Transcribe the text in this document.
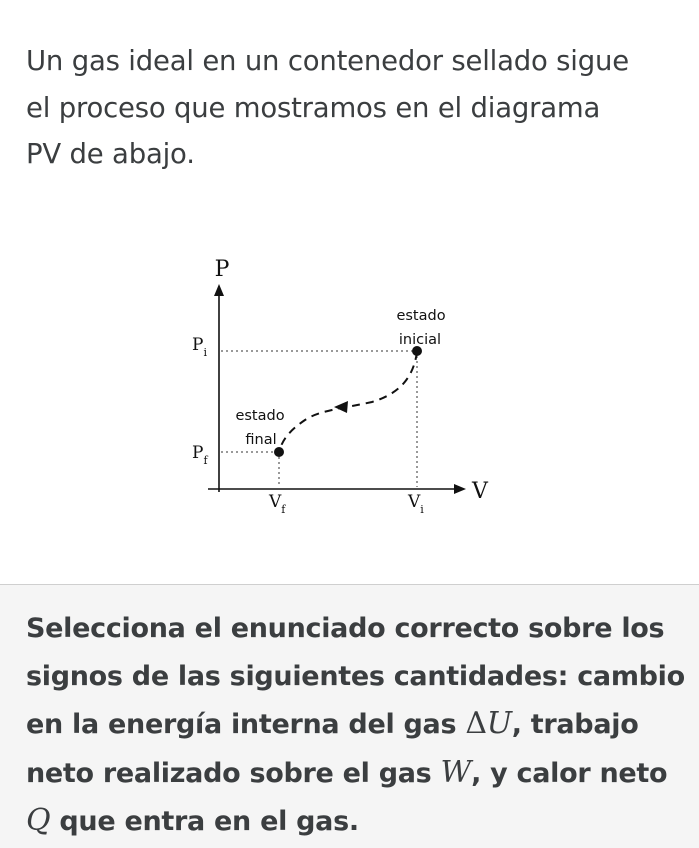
Un gas ideal en un contenedor sellado sigue
el proceso que mostramos en el diagrama
PV de abajo.
P
V
$P_i$
$P_f$
$V_f$	$V_i$
estado
inicial
estado
final
Selecciona el enunciado correcto sobre los
signos de las siguientes cantidades: cambio
en la energía interna del gas ΔU, trabajo
neto realizado sobre el gas W, y calor neto
Q que entra en el gas.
